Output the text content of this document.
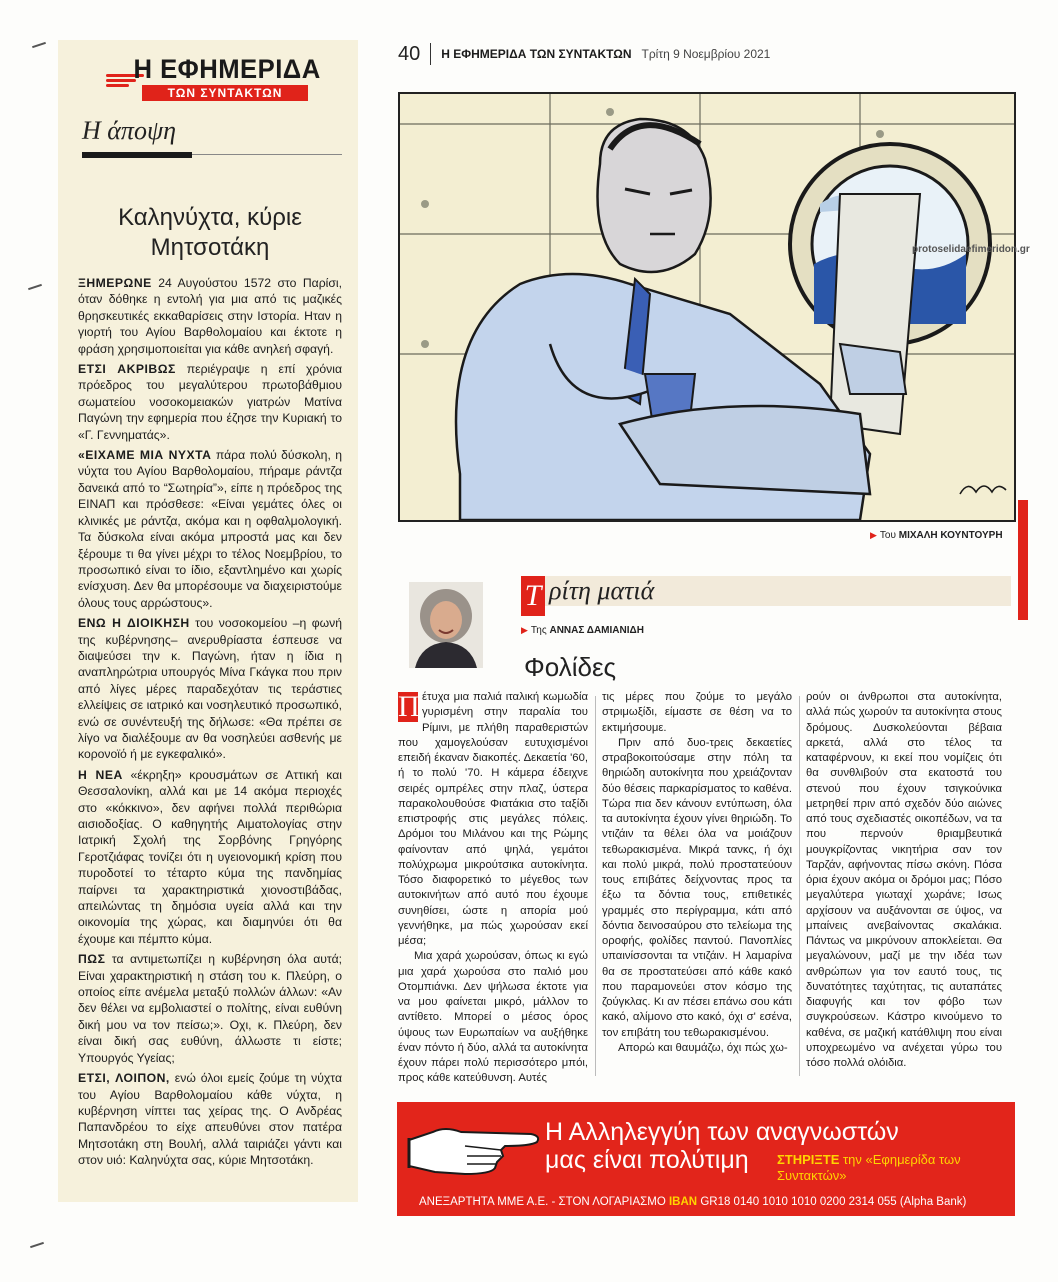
Η ΕΦΗΜΕΡΙΔΑ
ΤΩΝ ΣΥΝΤΑΚΤΩΝ
Η άποψη
Καληνύχτα, κύριε Μητσοτάκη

ΞΗΜΕΡΩΝΕ 24 Αυγούστου 1572 στο Παρίσι, όταν δόθηκε η εντολή για μια από τις μαζικές θρησκευτικές εκκαθαρίσεις στην Ιστορία. Ηταν η γιορτή του Αγίου Βαρθολομαίου και έκτοτε η φράση χρησιμοποιείται για κάθε ανηλεή σφαγή.

ΕΤΣΙ ΑΚΡΙΒΩΣ περιέγραψε η επί χρόνια πρόεδρος του μεγαλύτερου πρωτοβάθμιου σωματείου νοσοκομειακών γιατρών Ματίνα Παγώνη την εφημερία που έζησε την Κυριακή το «Γ. Γεννηματάς».

«ΕΙΧΑΜΕ ΜΙΑ ΝΥΧΤΑ πάρα πολύ δύσκολη, η νύχτα του Αγίου Βαρθολομαίου, πήραμε ράντζα δανεικά από το “Σωτηρία”», είπε η πρόεδρος της ΕΙΝΑΠ και πρόσθεσε: «Είναι γεμάτες όλες οι κλινικές με ράντζα, ακόμα και η οφθαλμολογική. Τα δύσκολα είναι ακόμα μπροστά μας και δεν ξέρουμε τι θα γίνει μέχρι το τέλος Νοεμβρίου, το προσωπικό είναι το ίδιο, εξαντλημένο και χωρίς ενίσχυση. Δεν θα μπορέσουμε να διαχειριστούμε όλους τους αρρώστους».

ΕΝΩ Η ΔΙΟΙΚΗΣΗ του νοσοκομείου –η φωνή της κυβέρνησης– ανερυθρίαστα έσπευσε να διαψεύσει την κ. Παγώνη, ήταν η ίδια η αναπληρώτρια υπουργός Μίνα Γκάγκα που πριν από λίγες μέρες παραδεχόταν τις τεράστιες ελλείψεις σε ιατρικό και νοσηλευτικό προσωπικό, ενώ σε συνέντευξή της δήλωσε: «Θα πρέπει σε λίγο να διαλέξουμε αν θα νοσηλεύει ασθενής με κορονοϊό ή με εγκεφαλικό».

Η ΝΕΑ «έκρηξη» κρουσμάτων σε Αττική και Θεσσαλονίκη, αλλά και με 14 ακόμα περιοχές στο «κόκκινο», δεν αφήνει πολλά περιθώρια αισιοδοξίας. Ο καθηγητής Αιματολογίας στην Ιατρική Σχολή της Σορβόνης Γρηγόρης Γεροτζιάφας τονίζει ότι η υγειονομική κρίση που πυροδοτεί το τέταρτο κύμα της πανδημίας παίρνει τα χαρακτηριστικά χιονοστιβάδας, απειλώντας τη δημόσια υγεία αλλά και την οικονομία της χώρας, και διαμηνύει ότι θα έχουμε και πέμπτο κύμα.

ΠΩΣ τα αντιμετωπίζει η κυβέρνηση όλα αυτά; Είναι χαρακτηριστική η στάση του κ. Πλεύρη, ο οποίος είπε ανέμελα μεταξύ πολλών άλλων: «Αν δεν θέλει να εμβολιαστεί ο πολίτης, είναι ευθύνη δική μου να τον πείσω;». Οχι, κ. Πλεύρη, δεν είναι δική σας ευθύνη, άλλωστε τι είστε; Υπουργός Υγείας;

ΕΤΣΙ, ΛΟΙΠΟΝ, ενώ όλοι εμείς ζούμε τη νύχτα του Αγίου Βαρθολομαίου κάθε νύχτα, η κυβέρνηση νίπτει τας χείρας της. Ο Ανδρέας Παπανδρέου το είχε απευθύνει στον πατέρα Μητσοτάκη στη Βουλή, αλλά ταιριάζει γάντι και στον υιό: Καληνύχτα σας, κύριε Μητσοτάκη.

40 Η ΕΦΗΜΕΡΙΔΑ ΤΩΝ ΣΥΝΤΑΚΤΩΝ Τρίτη 9 Νοεμβρίου 2021
protoselidaefimeridon.gr
▶ Του ΜΙΧΑΛΗ ΚΟΥΝΤΟΥΡΗ
Τ ρίτη ματιά
▶ Της ΑΝΝΑΣ ΔΑΜΙΑΝΙΔΗ
Φολίδες

Π έτυχα μια παλιά ιταλική κωμωδία γυρισμένη στην παραλία του Ρίμινι, με πλήθη παραθεριστών που χαμογελούσαν ευτυχισμένοι επειδή έκαναν διακοπές. Δεκαετία '60, ή το πολύ '70. Η κάμερα έδειχνε σειρές ομπρέλες στην πλαζ, ύστερα παρακολουθούσε Φιατάκια στο ταξίδι επιστροφής στις μεγάλες πόλεις. Δρόμοι του Μιλάνου και της Ρώμης φαίνονταν από ψηλά, γεμάτοι πολύχρωμα μικρούτσικα αυτοκίνητα. Τόσο διαφορετικό το μέγεθος των αυτοκινήτων από αυτό που έχουμε συνηθίσει, ώστε η απορία μού γεννήθηκε, μα πώς χωρούσαν εκεί μέσα;

Μια χαρά χωρούσαν, όπως κι εγώ μια χαρά χωρούσα στο παλιό μου Οτομπιάνκι. Δεν ψήλωσα έκτοτε για να μου φαίνεται μικρό, μάλλον το αντίθετο. Μπορεί ο μέσος όρος ύψους των Ευρωπαίων να αυξήθηκε έναν πόντο ή δύο, αλλά τα αυτοκίνητα έχουν πάρει πολύ περισσότερο μπόι, προς κάθε κατεύθυνση. Αυτές

τις μέρες που ζούμε το μεγάλο στριμωξίδι, είμαστε σε θέση να το εκτιμήσουμε.

Πριν από δυο-τρεις δεκαετίες στραβοκοιτούσαμε στην πόλη τα θηριώδη αυτοκίνητα που χρειάζονταν δύο θέσεις παρκαρίσματος το καθένα. Τώρα πια δεν κάνουν εντύπωση, όλα τα αυτοκίνητα έχουν γίνει θηριώδη. Το ντιζάιν τα θέλει όλα να μοιάζουν τεθωρακισμένα. Μικρά τανκς, ή όχι και πολύ μικρά, πολύ προστατεύουν τους επιβάτες δείχνοντας προς τα έξω τα δόντια τους, επιθετικές γραμμές στο περίγραμμα, κάτι από δόντια δεινοσαύρου στο τελείωμα της οροφής, φολίδες παντού. Πανοπλίες υπαινίσσονται τα ντιζάιν. Η λαμαρίνα θα σε προστατεύσει από κάθε κακό που παραμονεύει στον κόσμο της ζούγκλας. Κι αν πέσει επάνω σου κάτι κακό, αλίμονο στο κακό, όχι σ' εσένα, τον επιβάτη του τεθωρακισμένου.

Απορώ και θαυμάζω, όχι πώς χω-

ρούν οι άνθρωποι στα αυτοκίνητα, αλλά πώς χωρούν τα αυτοκίνητα στους δρόμους. Δυσκολεύονται βέβαια αρκετά, αλλά στο τέλος τα καταφέρνουν, κι εκεί που νομίζεις ότι θα συνθλιβούν στα εκατοστά του στενού που έχουν τσιγκούνικα μετρηθεί πριν από σχεδόν δύο αιώνες από τους σχεδιαστές οικοπέδων, να τα που περνούν θριαμβευτικά μουγκρίζοντας νικητήρια σαν τον Ταρζάν, αφήνοντας πίσω σκόνη. Πόσα όρια έχουν ακόμα οι δρόμοι μας; Πόσο μεγαλύτερα γιωταχί χωράνε; Ισως αρχίσουν να αυξάνονται σε ύψος, να μπαίνεις ανεβαίνοντας σκαλάκια. Πάντως να μικρύνουν αποκλείεται. Θα μεγαλώνουν, μαζί με την ιδέα των ανθρώπων για τον εαυτό τους, τις δυνατότητες ταχύτητας, τις αυταπάτες διαφυγής και τον φόβο των συγκρούσεων. Κάστρο κινούμενο το καθένα, σε μαζική κατάθλιψη που είναι υποχρεωμένο να ανέχεται γύρω του τόσο πολλά ολόιδια.

Η Αλληλεγγύη των αναγνωστών
μας είναι πολύτιμη ΣΤΗΡΙΞΤΕ την «Εφημερίδα των Συντακτών»
ΑΝΕΞΑΡΤΗΤΑ ΜΜΕ Α.Ε. - ΣΤΟΝ ΛΟΓΑΡΙΑΣΜΟ IBAN GR18 0140 1010 1010 0200 2314 055 (Alpha Bank)
